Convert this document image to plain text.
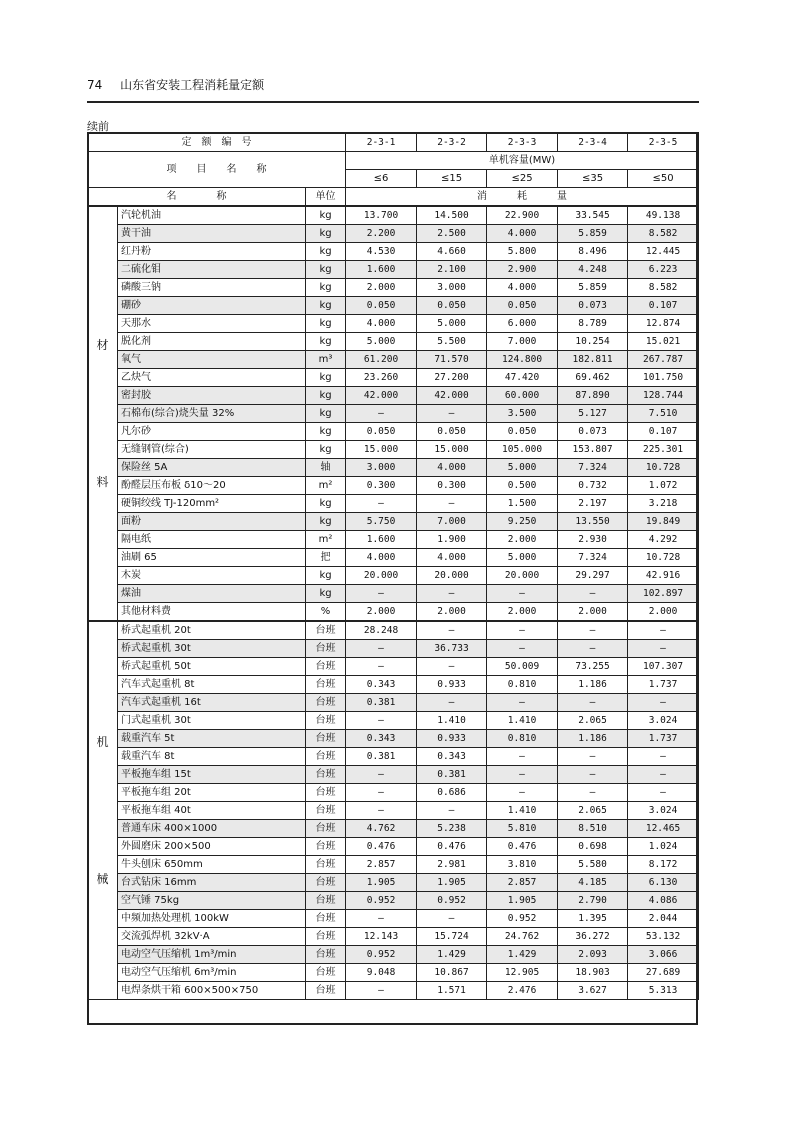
74 山东省安装工程消耗量定额
续前
定　额　编　号			2-3-1	2-3-2	2-3-3	2-3-4	2-3-5
项　　目　　名　　称			单机容量(MW)				
			≤6	≤15	≤25	≤35	≤50
名　　　　称		单位	消　　　耗　　　量				

材
料	汽轮机油	kg	13.700	14.500	22.900	33.545	49.138
	黄干油	kg	2.200	2.500	4.000	5.859	8.582
	红丹粉	kg	4.530	4.660	5.800	8.496	12.445
	二硫化钼	kg	1.600	2.100	2.900	4.248	6.223
	磷酸三钠	kg	2.000	3.000	4.000	5.859	8.582
	硼砂	kg	0.050	0.050	0.050	0.073	0.107
	天那水	kg	4.000	5.000	6.000	8.789	12.874
	脱化剂	kg	5.000	5.500	7.000	10.254	15.021
	氧气	m³	61.200	71.570	124.800	182.811	267.787
	乙炔气	kg	23.260	27.200	47.420	69.462	101.750
	密封胶	kg	42.000	42.000	60.000	87.890	128.744
	石棉布(综合)烧失量 32%	kg	—	—	3.500	5.127	7.510
	凡尔砂	kg	0.050	0.050	0.050	0.073	0.107
	无缝钢管(综合)	kg	15.000	15.000	105.000	153.807	225.301
	保险丝 5A	轴	3.000	4.000	5.000	7.324	10.728
	酚醛层压布板 δ10～20	m²	0.300	0.300	0.500	0.732	1.072
	硬铜绞线 TJ-120mm²	kg	—	—	1.500	2.197	3.218
	面粉	kg	5.750	7.000	9.250	13.550	19.849
	隔电纸	m²	1.600	1.900	2.000	2.930	4.292
	油刷 65	把	4.000	4.000	5.000	7.324	10.728
	木炭	kg	20.000	20.000	20.000	29.297	42.916
	煤油	kg	—	—	—	—	102.897
	其他材料费	%	2.000	2.000	2.000	2.000	2.000

机
械	桥式起重机 20t	台班	28.248	—	—	—	—
	桥式起重机 30t	台班	—	36.733	—	—	—
	桥式起重机 50t	台班	—	—	50.009	73.255	107.307
	汽车式起重机 8t	台班	0.343	0.933	0.810	1.186	1.737
	汽车式起重机 16t	台班	0.381	—	—	—	—
	门式起重机 30t	台班	—	1.410	1.410	2.065	3.024
	载重汽车 5t	台班	0.343	0.933	0.810	1.186	1.737
	载重汽车 8t	台班	0.381	0.343	—	—	—
	平板拖车组 15t	台班	—	0.381	—	—	—
	平板拖车组 20t	台班	—	0.686	—	—	—
	平板拖车组 40t	台班	—	—	1.410	2.065	3.024
	普通车床 400×1000	台班	4.762	5.238	5.810	8.510	12.465
	外圆磨床 200×500	台班	0.476	0.476	0.476	0.698	1.024
	牛头刨床 650mm	台班	2.857	2.981	3.810	5.580	8.172
	台式钻床 16mm	台班	1.905	1.905	2.857	4.185	6.130
	空气锤 75kg	台班	0.952	0.952	1.905	2.790	4.086
	中频加热处理机 100kW	台班	—	—	0.952	1.395	2.044
	交流弧焊机 32kV·A	台班	12.143	15.724	24.762	36.272	53.132
	电动空气压缩机 1m³/min	台班	0.952	1.429	1.429	2.093	3.066
	电动空气压缩机 6m³/min	台班	9.048	10.867	12.905	18.903	27.689
	电焊条烘干箱 600×500×750	台班	—	1.571	2.476	3.627	5.313
